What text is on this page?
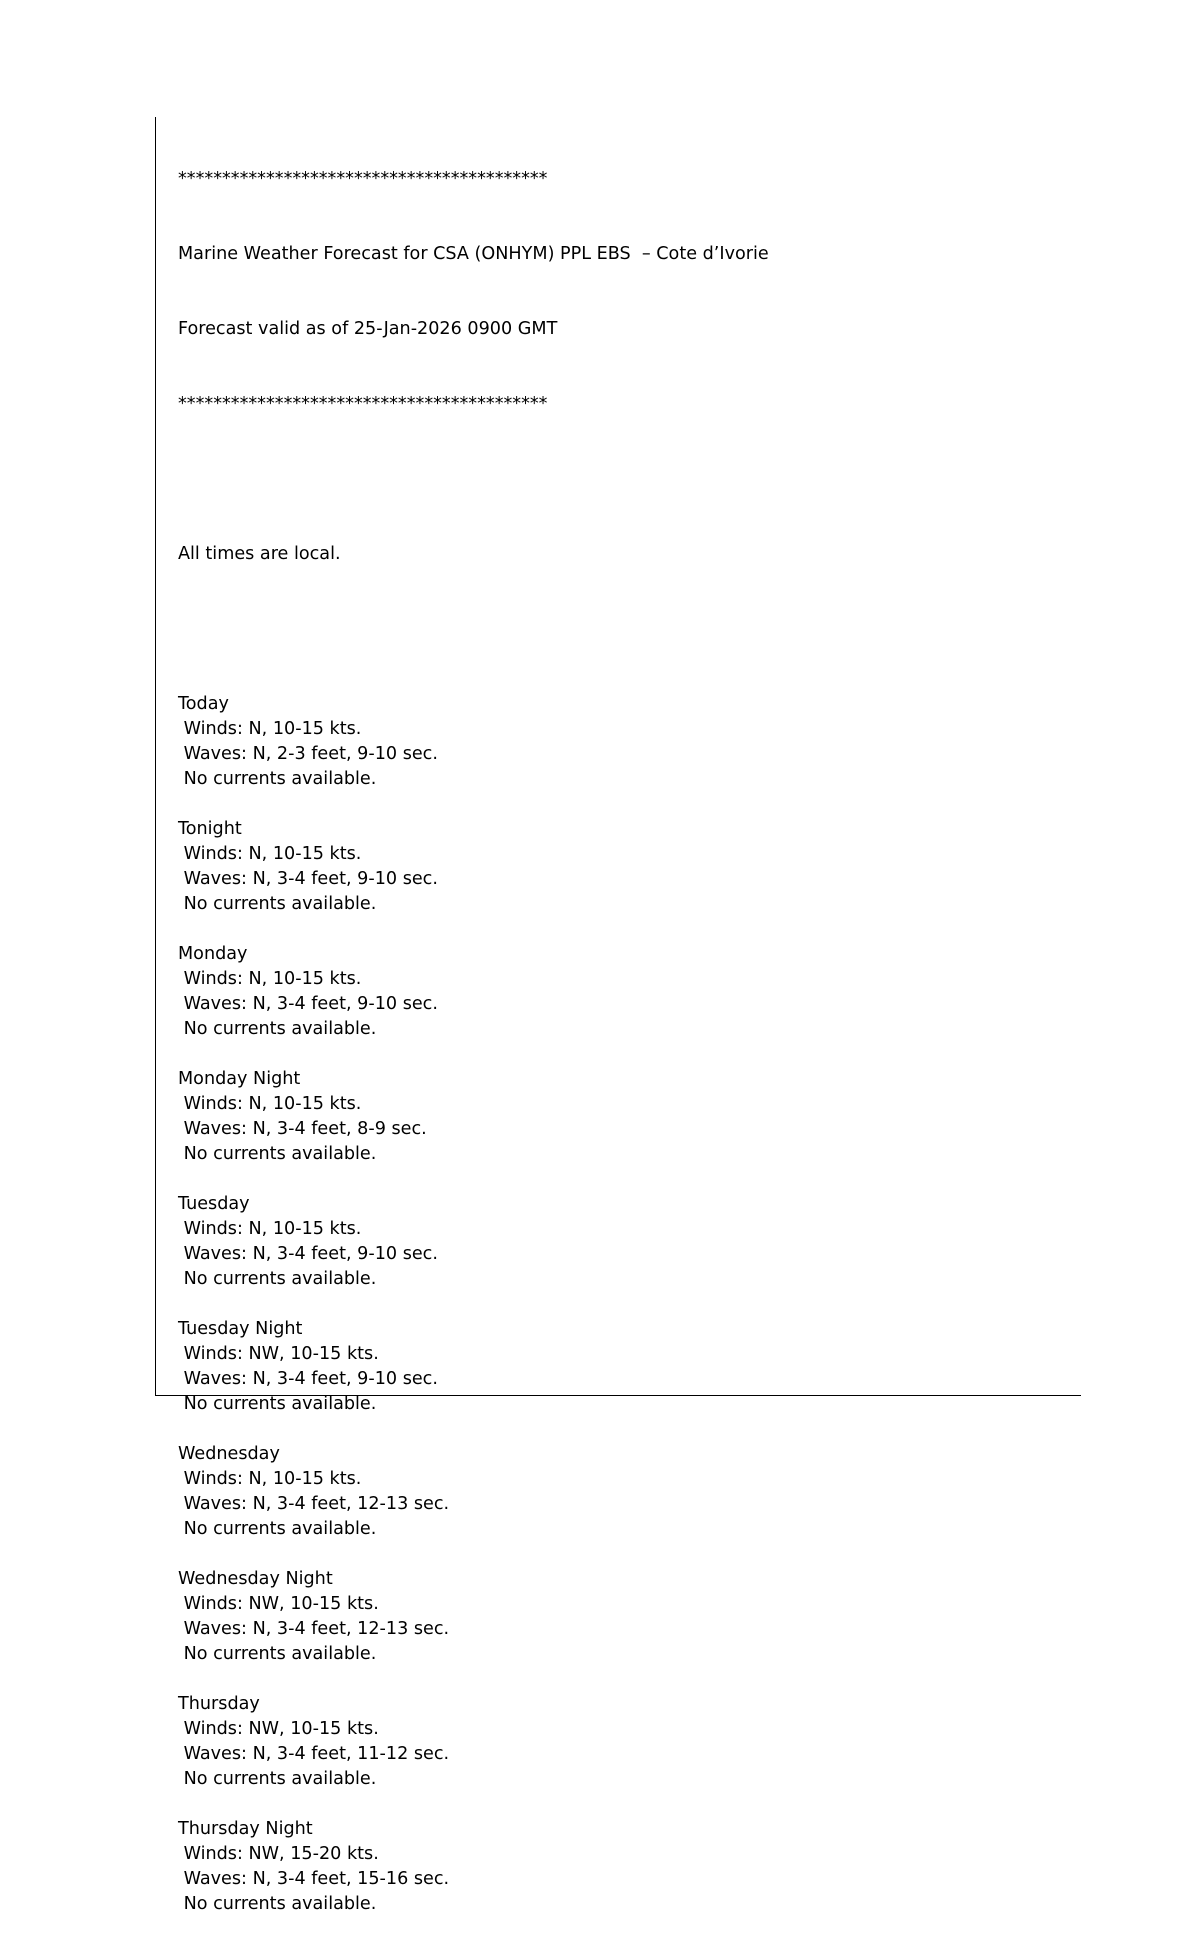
******************************************

Marine Weather Forecast for CSA (ONHYM) PPL EBS  – Cote d’Ivorie

Forecast valid as of 25-Jan-2026 0900 GMT

******************************************

All times are local.

Today
Winds: N, 10-15 kts.
Waves: N, 2-3 feet, 9-10 sec.
No currents available.
Tonight
Winds: N, 10-15 kts.
Waves: N, 3-4 feet, 9-10 sec.
No currents available.
Monday
Winds: N, 10-15 kts.
Waves: N, 3-4 feet, 9-10 sec.
No currents available.
Monday Night
Winds: N, 10-15 kts.
Waves: N, 3-4 feet, 8-9 sec.
No currents available.
Tuesday
Winds: N, 10-15 kts.
Waves: N, 3-4 feet, 9-10 sec.
No currents available.
Tuesday Night
Winds: NW, 10-15 kts.
Waves: N, 3-4 feet, 9-10 sec.
No currents available.
Wednesday
Winds: N, 10-15 kts.
Waves: N, 3-4 feet, 12-13 sec.
No currents available.
Wednesday Night
Winds: NW, 10-15 kts.
Waves: N, 3-4 feet, 12-13 sec.
No currents available.
Thursday
Winds: NW, 10-15 kts.
Waves: N, 3-4 feet, 11-12 sec.
No currents available.
Thursday Night
Winds: NW, 15-20 kts.
Waves: N, 3-4 feet, 15-16 sec.
No currents available.
